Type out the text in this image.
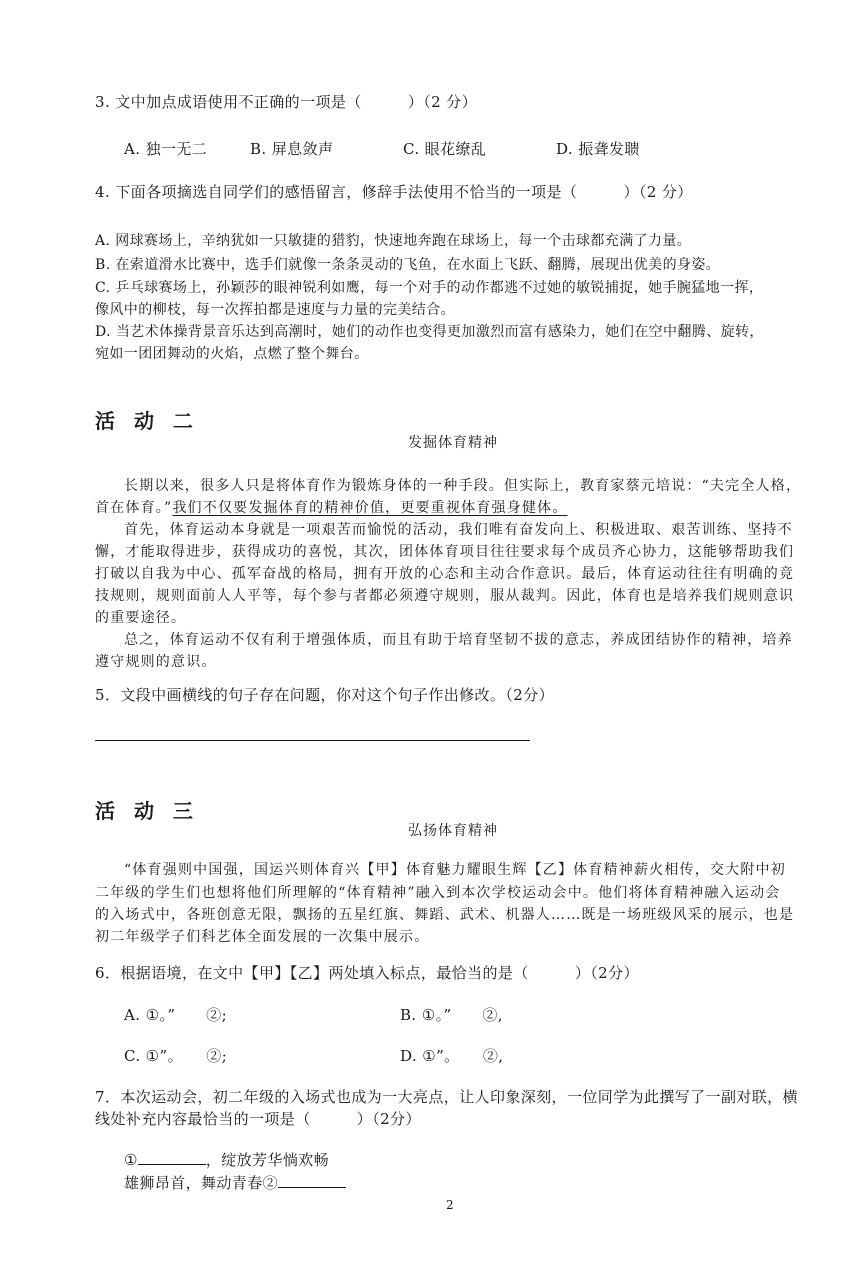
3. 文中加点成语使用不正确的一项是（　　　）（2 分）
A. 独一无二	B. 屏息敛声	C. 眼花缭乱	D. 振聋发聩
4. 下面各项摘选自同学们的感悟留言，修辞手法使用不恰当的一项是（　　　）（2 分）
A. 网球赛场上，辛纳犹如一只敏捷的猎豹，快速地奔跑在球场上，每一个击球都充满了力量。
B. 在索道滑水比赛中，选手们就像一条条灵动的飞鱼，在水面上飞跃、翻腾，展现出优美的身姿。
C. 乒乓球赛场上，孙颖莎的眼神锐利如鹰，每一个对手的动作都逃不过她的敏锐捕捉，她手腕猛地一挥，
像风中的柳枝，每一次挥拍都是速度与力量的完美结合。
D. 当艺术体操背景音乐达到高潮时，她们的动作也变得更加激烈而富有感染力，她们在空中翻腾、旋转，
宛如一团团舞动的火焰，点燃了整个舞台。
活 动 二
发掘体育精神
长期以来，很多人只是将体育作为锻炼身体的一种手段。但实际上，教育家蔡元培说：“夫完全人格，
首在体育。”我们不仅要发掘体育的精神价值，更要重视体育强身健体。
首先，体育运动本身就是一项艰苦而愉悦的活动，我们唯有奋发向上、积极进取、艰苦训练、坚持不
懈，才能取得进步，获得成功的喜悦，其次，团体体育项目往往要求每个成员齐心协力，这能够帮助我们
打破以自我为中心、孤军奋战的格局，拥有开放的心态和主动合作意识。最后，体育运动往往有明确的竞
技规则，规则面前人人平等，每个参与者都必须遵守规则，服从裁判。因此，体育也是培养我们规则意识
的重要途径。
总之，体育运动不仅有利于增强体质，而且有助于培育坚韧不拔的意志，养成团结协作的精神，培养
遵守规则的意识。
5．文段中画横线的句子存在问题，你对这个句子作出修改。（2分）
活 动 三
弘扬体育精神
“体育强则中国强，国运兴则体育兴【甲】体育魅力耀眼生辉【乙】体育精神薪火相传，交大附中初
二年级的学生们也想将他们所理解的“体育精神”融入到本次学校运动会中。他们将体育精神融入运动会
的入场式中，各班创意无限，飘扬的五星红旗、舞蹈、武术、机器人……既是一场班级风采的展示，也是
初二年级学子们科艺体全面发展的一次集中展示。
6．根据语境，在文中【甲】【乙】两处填入标点，最恰当的是（　　　）（2分）
A. ①。”　　②;	B. ①。”　　②,
C. ①”。　　②;	D. ①”。　　②,
7．本次运动会，初二年级的入场式也成为一大亮点，让人印象深刻，一位同学为此撰写了一副对联，横
线处补充内容最恰当的一项是（　　　）（2分）
①	，绽放芳华惝欢畅
雄狮昂首，舞动青春②
2
